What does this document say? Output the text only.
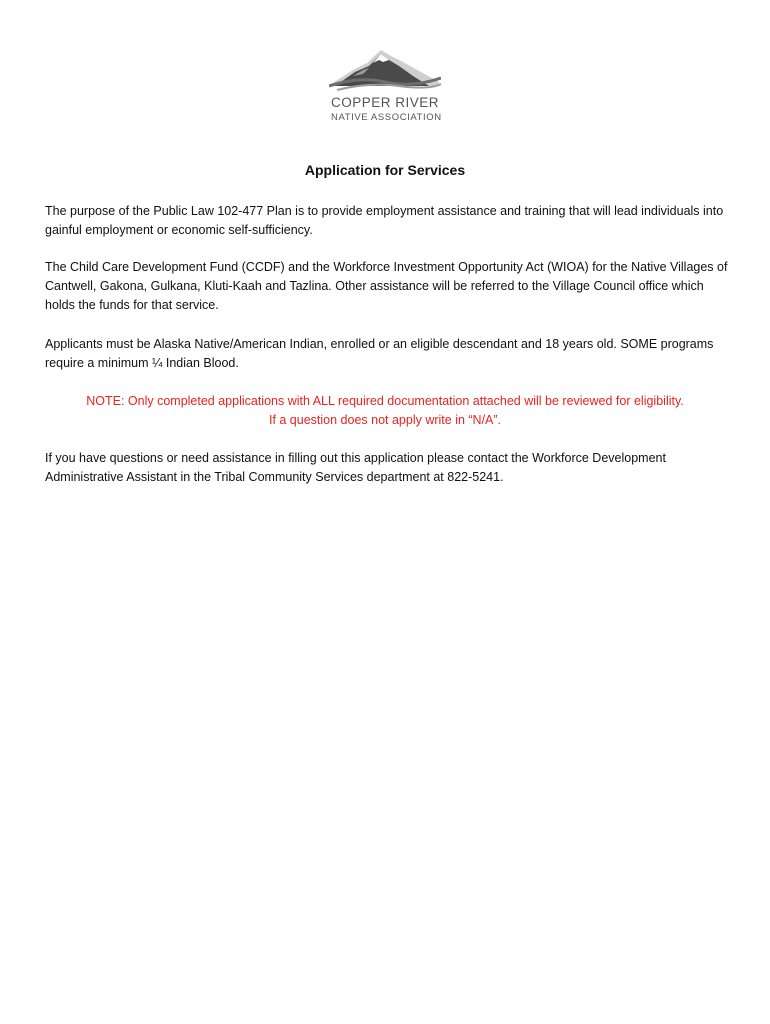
COPPER RIVER
NATIVE ASSOCIATION
Application for Services
The purpose of the Public Law 102-477 Plan is to provide employment assistance and training that will lead individuals into gainful employment or economic self-sufficiency.
The Child Care Development Fund (CCDF) and the Workforce Investment Opportunity Act (WIOA) for the Native Villages of Cantwell, Gakona, Gulkana, Kluti-Kaah and Tazlina. Other assistance will be referred to the Village Council office which holds the funds for that service.
Applicants must be Alaska Native/American Indian, enrolled or an eligible descendant and 18 years old. SOME programs require a minimum ¼ Indian Blood.
NOTE: Only completed applications with ALL required documentation attached will be reviewed for eligibility.
If a question does not apply write in “N/A”.
If you have questions or need assistance in filling out this application please contact the Workforce Development Administrative Assistant in the Tribal Community Services department at 822-5241.
